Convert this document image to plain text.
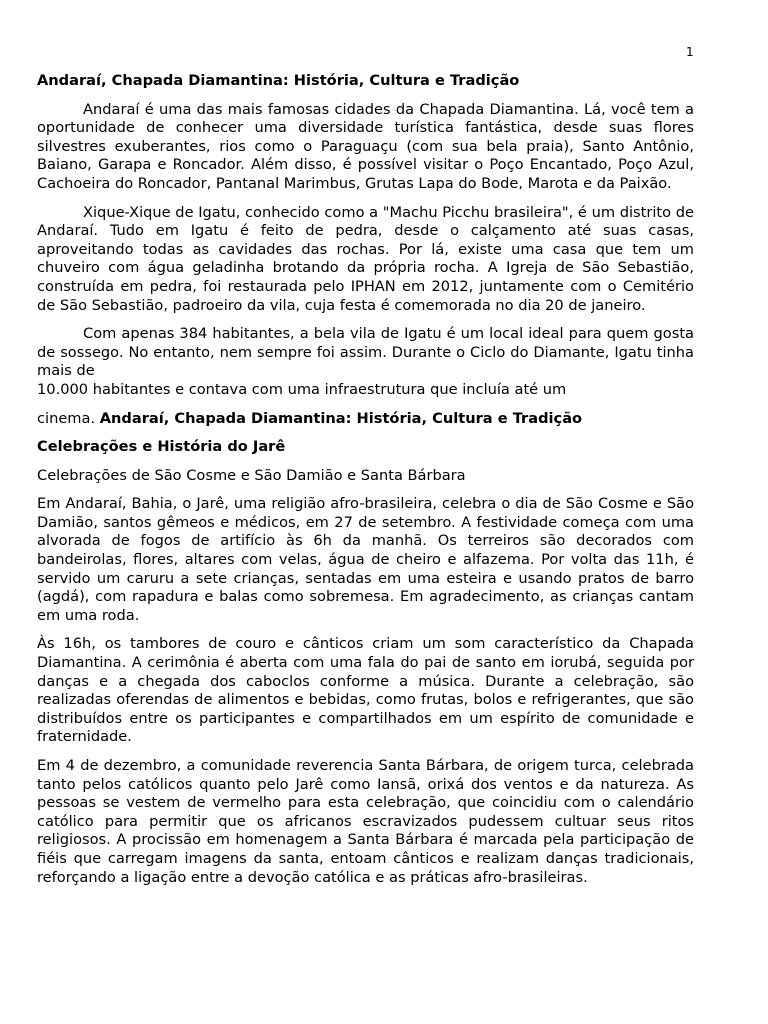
1
Andaraí, Chapada Diamantina: História, Cultura e Tradição

Andaraí é uma das mais famosas cidades da Chapada Diamantina. Lá, você tem a oportunidade de conhecer uma diversidade turística fantástica, desde suas flores silvestres exuberantes, rios como o Paraguaçu (com sua bela praia), Santo Antônio, Baiano, Garapa e Roncador. Além disso, é possível visitar o Poço Encantado, Poço Azul, Cachoeira do Roncador, Pantanal Marimbus, Grutas Lapa do Bode, Marota e da Paixão.

Xique-Xique de Igatu, conhecido como a "Machu Picchu brasileira", é um distrito de Andaraí. Tudo em Igatu é feito de pedra, desde o calçamento até suas casas, aproveitando todas as cavidades das rochas. Por lá, existe uma casa que tem um chuveiro com água geladinha brotando da própria rocha. A Igreja de São Sebastião, construída em pedra, foi restaurada pelo IPHAN em 2012, juntamente com o Cemitério de São Sebastião, padroeiro da vila, cuja festa é comemorada no dia 20 de janeiro.

Com apenas 384 habitantes, a bela vila de Igatu é um local ideal para quem gosta de sossego. No entanto, nem sempre foi assim. Durante o Ciclo do Diamante, Igatu tinha mais de

10.000 habitantes e contava com uma infraestrutura que incluía até um

cinema. Andaraí, Chapada Diamantina: História, Cultura e Tradição

Celebrações e História do Jarê
Celebrações de São Cosme e São Damião e Santa Bárbara

Em Andaraí, Bahia, o Jarê, uma religião afro-brasileira, celebra o dia de São Cosme e São Damião, santos gêmeos e médicos, em 27 de setembro. A festividade começa com uma alvorada de fogos de artifício às 6h da manhã. Os terreiros são decorados com bandeirolas, flores, altares com velas, água de cheiro e alfazema. Por volta das 11h, é servido um caruru a sete crianças, sentadas em uma esteira e usando pratos de barro (agdá), com rapadura e balas como sobremesa. Em agradecimento, as crianças cantam em uma roda.

Às 16h, os tambores de couro e cânticos criam um som característico da Chapada Diamantina. A cerimônia é aberta com uma fala do pai de santo em iorubá, seguida por danças e a chegada dos caboclos conforme a música. Durante a celebração, são realizadas oferendas de alimentos e bebidas, como frutas, bolos e refrigerantes, que são distribuídos entre os participantes e compartilhados em um espírito de comunidade e fraternidade.

Em 4 de dezembro, a comunidade reverencia Santa Bárbara, de origem turca, celebrada tanto pelos católicos quanto pelo Jarê como Iansã, orixá dos ventos e da natureza. As pessoas se vestem de vermelho para esta celebração, que coincidiu com o calendário católico para permitir que os africanos escravizados pudessem cultuar seus ritos religiosos. A procissão em homenagem a Santa Bárbara é marcada pela participação de fiéis que carregam imagens da santa, entoam cânticos e realizam danças tradicionais, reforçando a ligação entre a devoção católica e as práticas afro-brasileiras.
